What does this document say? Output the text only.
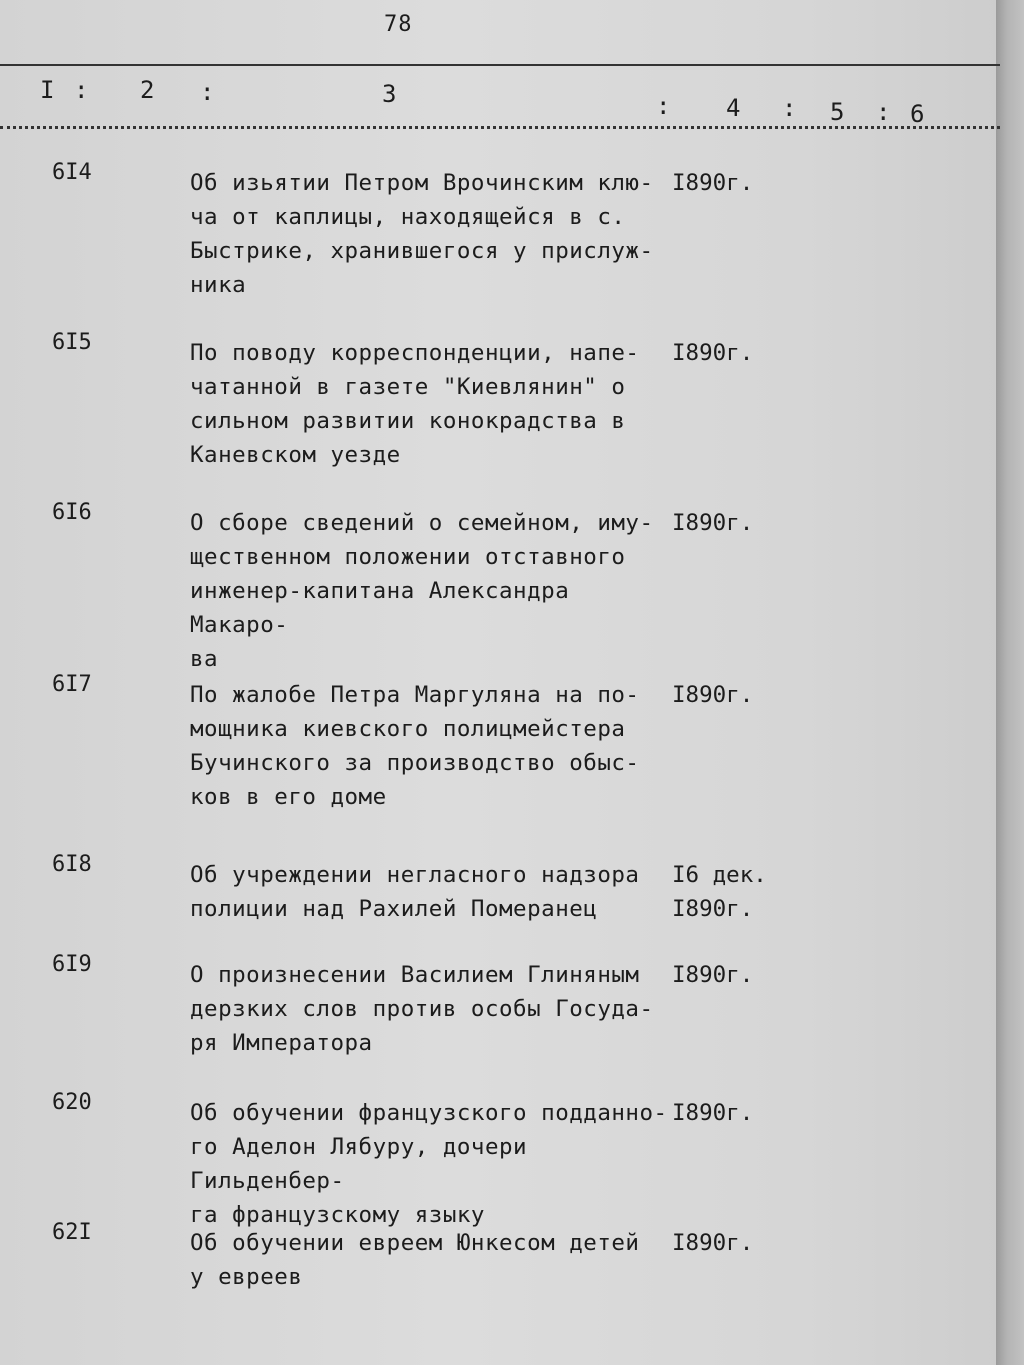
78
I : 2 :	3	: 4 : 5 : 6
6I4	Об изьятии Петром Врочинским клю-
ча от каплицы, находящейся в с.
Быстрике, хранившегося у прислуж-
ника
I890г.
6I5	По поводу корреспонденции, напе-
чатанной в газете "Киевлянин" о
сильном развитии конокрадства в
Каневском уезде
I890г.
6I6	О сборе сведений о семейном, иму-
щественном положении отставного
инженер-капитана Александра Макаро-
ва
I890г.
6I7	По жалобе Петра Маргуляна на по-
мощника киевского полицмейстера
Бучинского за производство обыс-
ков в его доме
I890г.
6I8	Об учреждении негласного надзора
полиции над Рахилей Померанец
I6 дек.
I890г.
6I9	О произнесении Василием Глиняным
дерзких слов против особы Госуда-
ря Императора
I890г.
620	Об обучении французского подданно-
го Аделон Лябуру, дочери Гильденбер-
га французскому языку
I890г.
62I	Об обучении евреем Юнкесом детей
у евреев
I890г.
